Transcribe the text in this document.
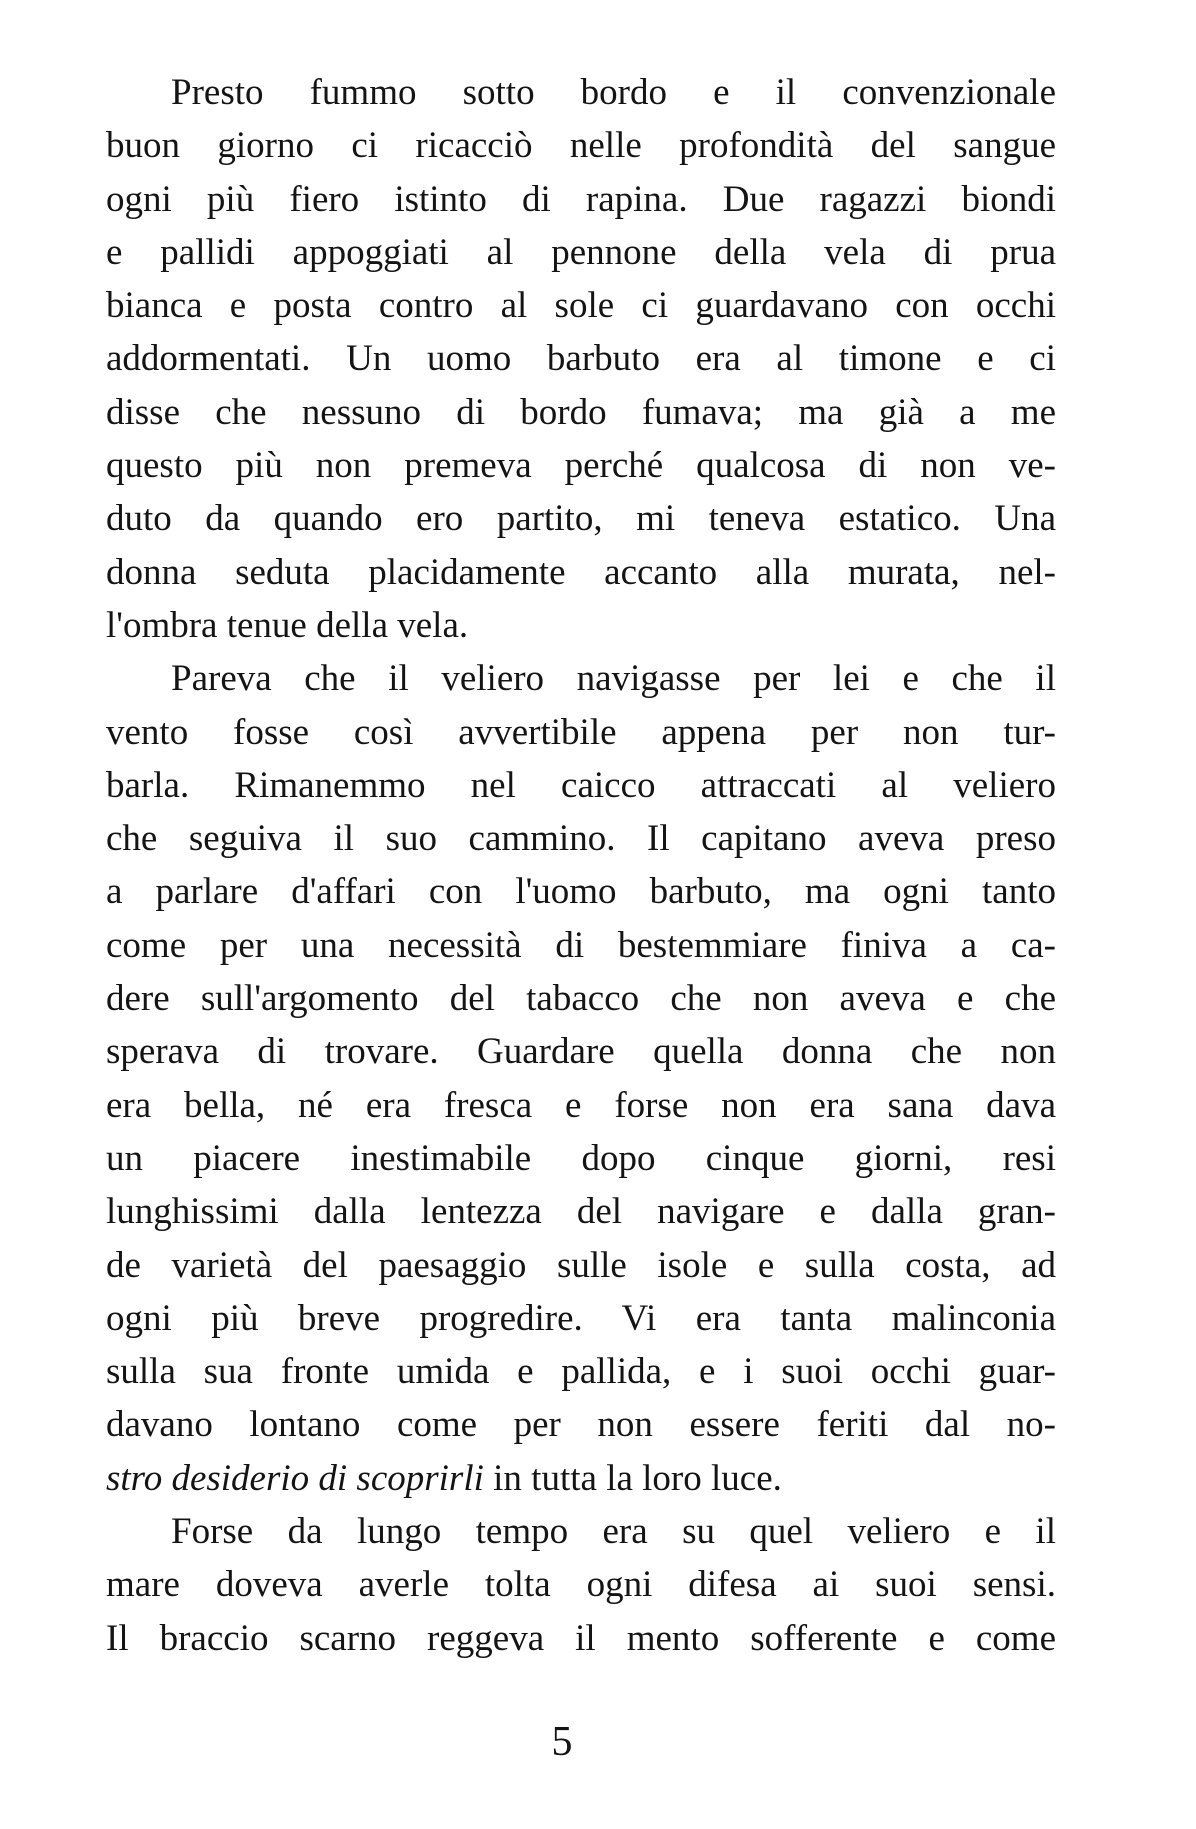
Presto fummo sotto bordo e il convenzionale
buon giorno ci ricacciò nelle profondità del sangue
ogni più fiero istinto di rapina. Due ragazzi biondi
e pallidi appoggiati al pennone della vela di prua
bianca e posta contro al sole ci guardavano con occhi
addormentati. Un uomo barbuto era al timone e ci
disse che nessuno di bordo fumava; ma già a me
questo più non premeva perché qualcosa di non ve-
duto da quando ero partito, mi teneva estatico. Una
donna seduta placidamente accanto alla murata, nel-
l'ombra tenue della vela.
Pareva che il veliero navigasse per lei e che il
vento fosse così avvertibile appena per non tur-
barla. Rimanemmo nel caicco attraccati al veliero
che seguiva il suo cammino. Il capitano aveva preso
a parlare d'affari con l'uomo barbuto, ma ogni tanto
come per una necessità di bestemmiare finiva a ca-
dere sull'argomento del tabacco che non aveva e che
sperava di trovare. Guardare quella donna che non
era bella, né era fresca e forse non era sana dava
un piacere inestimabile dopo cinque giorni, resi
lunghissimi dalla lentezza del navigare e dalla gran-
de varietà del paesaggio sulle isole e sulla costa, ad
ogni più breve progredire. Vi era tanta malinconia
sulla sua fronte umida e pallida, e i suoi occhi guar-
davano lontano come per non essere feriti dal no-
stro desiderio di scoprirli in tutta la loro luce.
Forse da lungo tempo era su quel veliero e il
mare doveva averle tolta ogni difesa ai suoi sensi.
Il braccio scarno reggeva il mento sofferente e come
5
